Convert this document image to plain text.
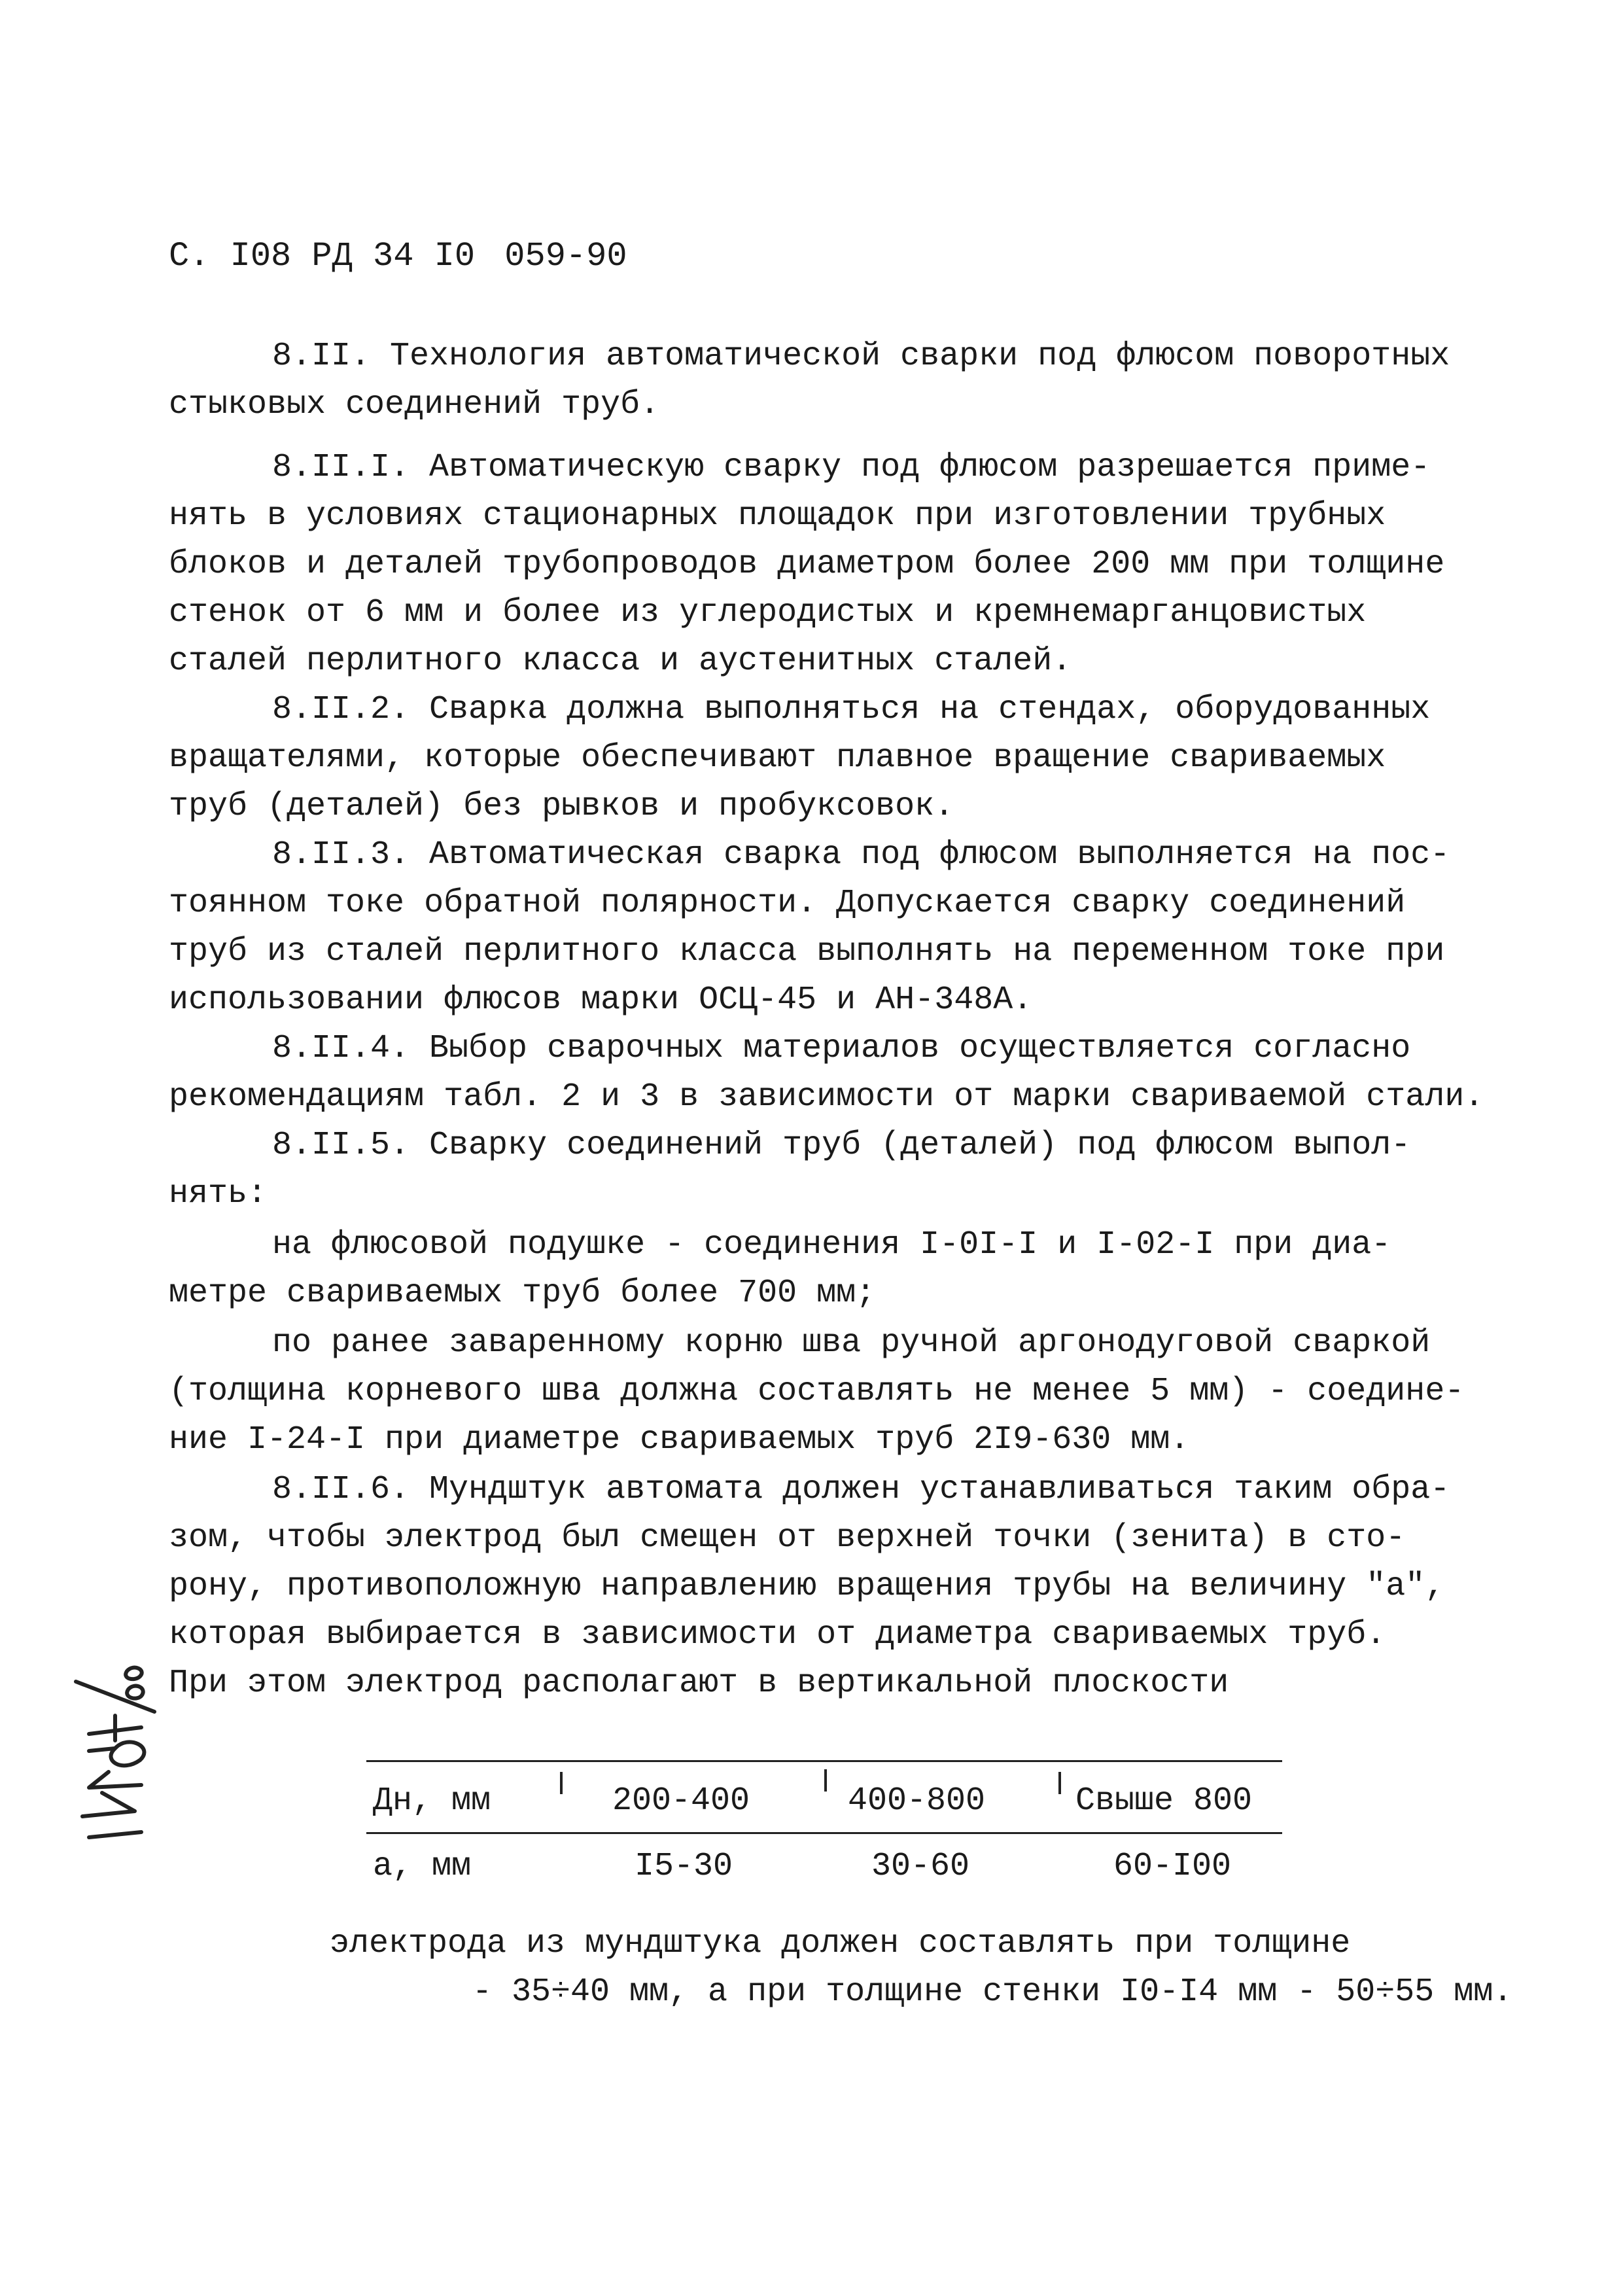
С. I08 РД 34 I0 059-90

8.II. Технология автоматической сварки под флюсом поворотных

стыковых соединений труб.

8.II.I. Автоматическую сварку под флюсом разрешается приме-

нять в условиях стационарных площадок при изготовлении трубных

блоков и деталей трубопроводов диаметром более 200 мм при толщине

стенок от 6 мм и более из углеродистых и кремнемарганцовистых

сталей перлитного класса и аустенитных сталей.

8.II.2. Сварка должна выполняться на стендах, оборудованных

вращателями, которые обеспечивают плавное вращение свариваемых

труб (деталей) без рывков и пробуксовок.

8.II.3. Автоматическая сварка под флюсом выполняется на пос-

тоянном токе обратной полярности. Допускается сварку соединений

труб из сталей перлитного класса выполнять на переменном токе при

использовании флюсов марки ОСЦ-45 и АН-348А.

8.II.4. Выбор сварочных материалов осуществляется согласно

рекомендациям табл. 2 и 3 в зависимости от марки свариваемой стали.

8.II.5. Сварку соединений труб (деталей) под флюсом выпол-

нять:

на флюсовой подушке - соединения I-0I-I и I-02-I при диа-

метре свариваемых труб более 700 мм;

по ранее заваренному корню шва ручной аргонодуговой сваркой

(толщина корневого шва должна составлять не менее 5 мм) - соедине-

ние I-24-I при диаметре свариваемых труб 2I9-630 мм.

8.II.6. Мундштук автомата должен устанавливаться таким обра-

зом, чтобы электрод был смещен от верхней точки (зенита) в сто-

рону, противоположную направлению вращения трубы на величину "а",

которая выбирается в зависимости от диаметра свариваемых труб.

При этом электрод располагают в вертикальной плоскости

Дн, мм	200-400	400-800	Свыше 800
а, мм	I5-30	30-60	60-I00

электрода из мундштука должен составлять при толщине

- 35÷40 мм, а при толщине стенки I0-I4 мм - 50÷55 мм.
